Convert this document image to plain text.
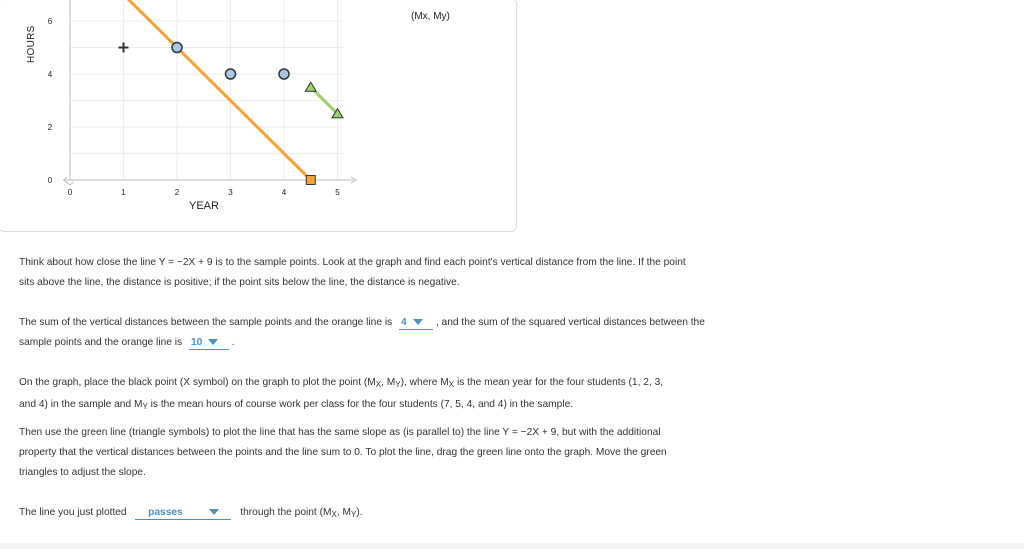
0	1	2	3	4	5
0
2
4
6
HOURS
(Mx, My)
YEAR
Think about how close the line Y = −2X + 9 is to the sample points. Look at the graph and find each point's vertical distance from the line. If the point
sits above the line, the distance is positive; if the point sits below the line, the distance is negative.
The sum of the vertical distances between the sample points and the orange line is 4	, and the sum of the squared vertical distances between the
sample points and the orange line is 10	.
On the graph, place the black point (X symbol) on the graph to plot the point ($M_X$, $M_Y$), where $M_X$ is the mean year for the four students (1, 2, 3,
and 4) in the sample and $M_Y$ is the mean hours of course work per class for the four students (7, 5, 4, and 4) in the sample.
Then use the green line (triangle symbols) to plot the line that has the same slope as (is parallel to) the line Y = −2X + 9, but with the additional
property that the vertical distances between the points and the line sum to 0. To plot the line, drag the green line onto the graph. Move the green
triangles to adjust the slope.
The line you just plotted passes	through the point ($M_X$, $M_Y$).
